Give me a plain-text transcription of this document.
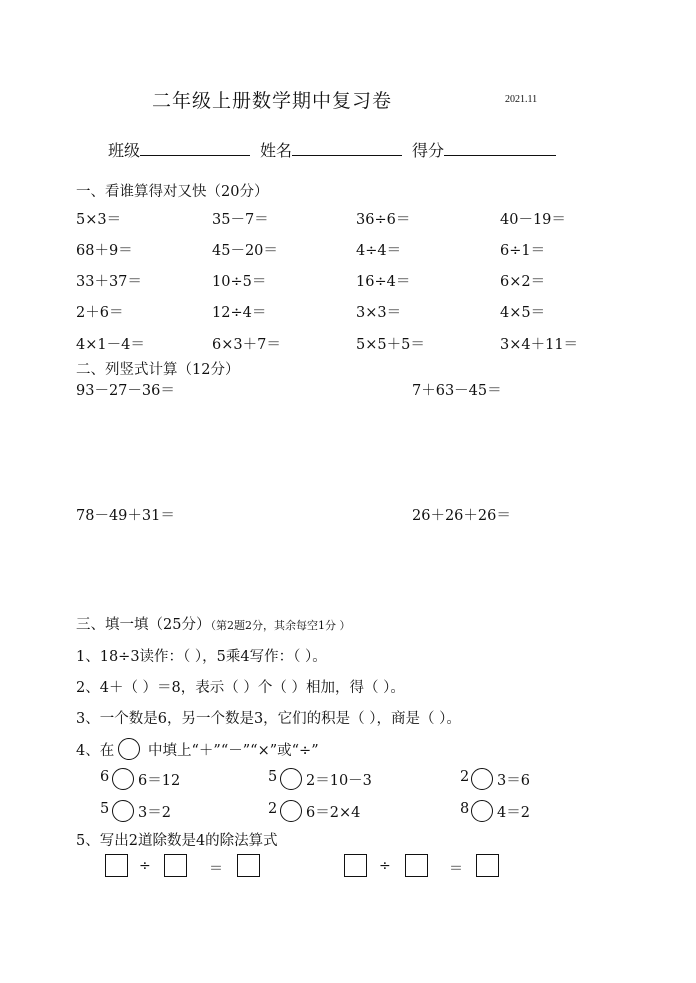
二年级上册数学期中复习卷	2021.11
班级	姓名	得分
一、看谁算得对又快（20分）
5×3＝	35－7＝	36÷6＝	40－19＝
68＋9＝	45－20＝	4÷4＝	6÷1＝
33＋37＝	10÷5＝	16÷4＝	6×2＝
2＋6＝	12÷4＝	3×3＝	4×5＝
4×1－4＝	6×3＋7＝	5×5＋5＝	3×4＋11＝
二、列竖式计算（12分）
93－27－36＝	7＋63－45＝
78－49＋31＝	26＋26＋26＝
三、填一填（25分）（第2题2分，其余每空1分 ）
1、18÷3读作：（ ），5乘4写作：（ ）。
2、4＋（ ）＝8，表示（ ）个（ ）相加，得（ ）。
3、一个数是6，另一个数是3，它们的积是（ ），商是（ ）。
4、在 中填上“＋”“－”“×”或“÷”
6 6＝12	5 2＝10－3	2 3＝6
5 3＝2	2 6＝2×4	8 4＝2
5、写出2道除数是4的除法算式
÷	＝	÷	＝
